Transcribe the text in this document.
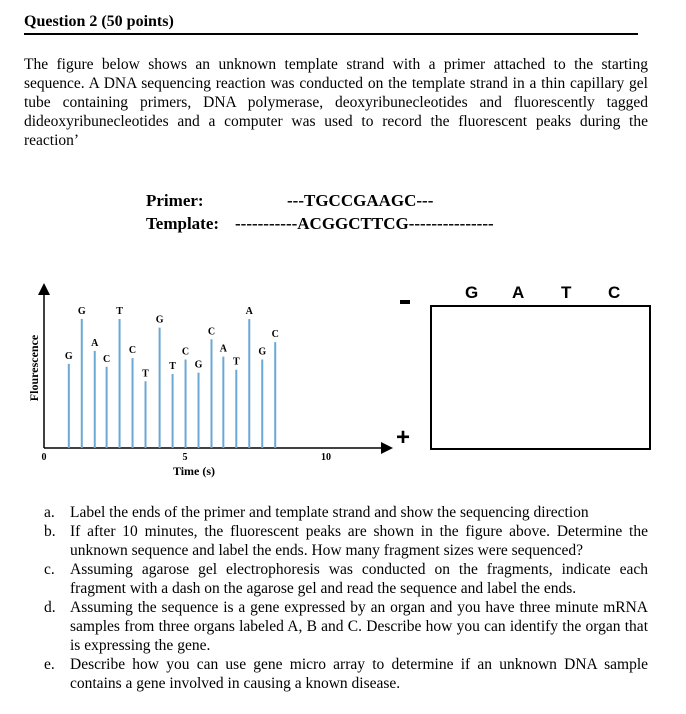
Question 2 (50 points)

The figure below shows an unknown template strand with a primer attached to the starting sequence. A DNA sequencing reaction was conducted on the template strand in a thin capillary gel tube containing primers, DNA polymerase, deoxyribunecleotides and fluorescently tagged dideoxyribunecleotides and a computer was used to record the fluorescent peaks during the reaction’

Primer:	---TGCCGAAGC---
Template: -----------ACGGCTTCG---------------
Flourescence
Time (s)
0	5	10
G
G
A
C
T
C
T
G
T
C
G
C
A
T
A
G
C
G A T C
+
a. Label the ends of the primer and template strand and show the sequencing direction
b. If after 10 minutes, the fluorescent peaks are shown in the figure above. Determine the unknown sequence and label the ends. How many fragment sizes were sequenced?
c. Assuming agarose gel electrophoresis was conducted on the fragments, indicate each fragment with a dash on the agarose gel and read the sequence and label the ends.
d. Assuming the sequence is a gene expressed by an organ and you have three minute mRNA samples from three organs labeled A, B and C. Describe how you can identify the organ that is expressing the gene.
e. Describe how you can use gene micro array to determine if an unknown DNA sample contains a gene involved in causing a known disease.
